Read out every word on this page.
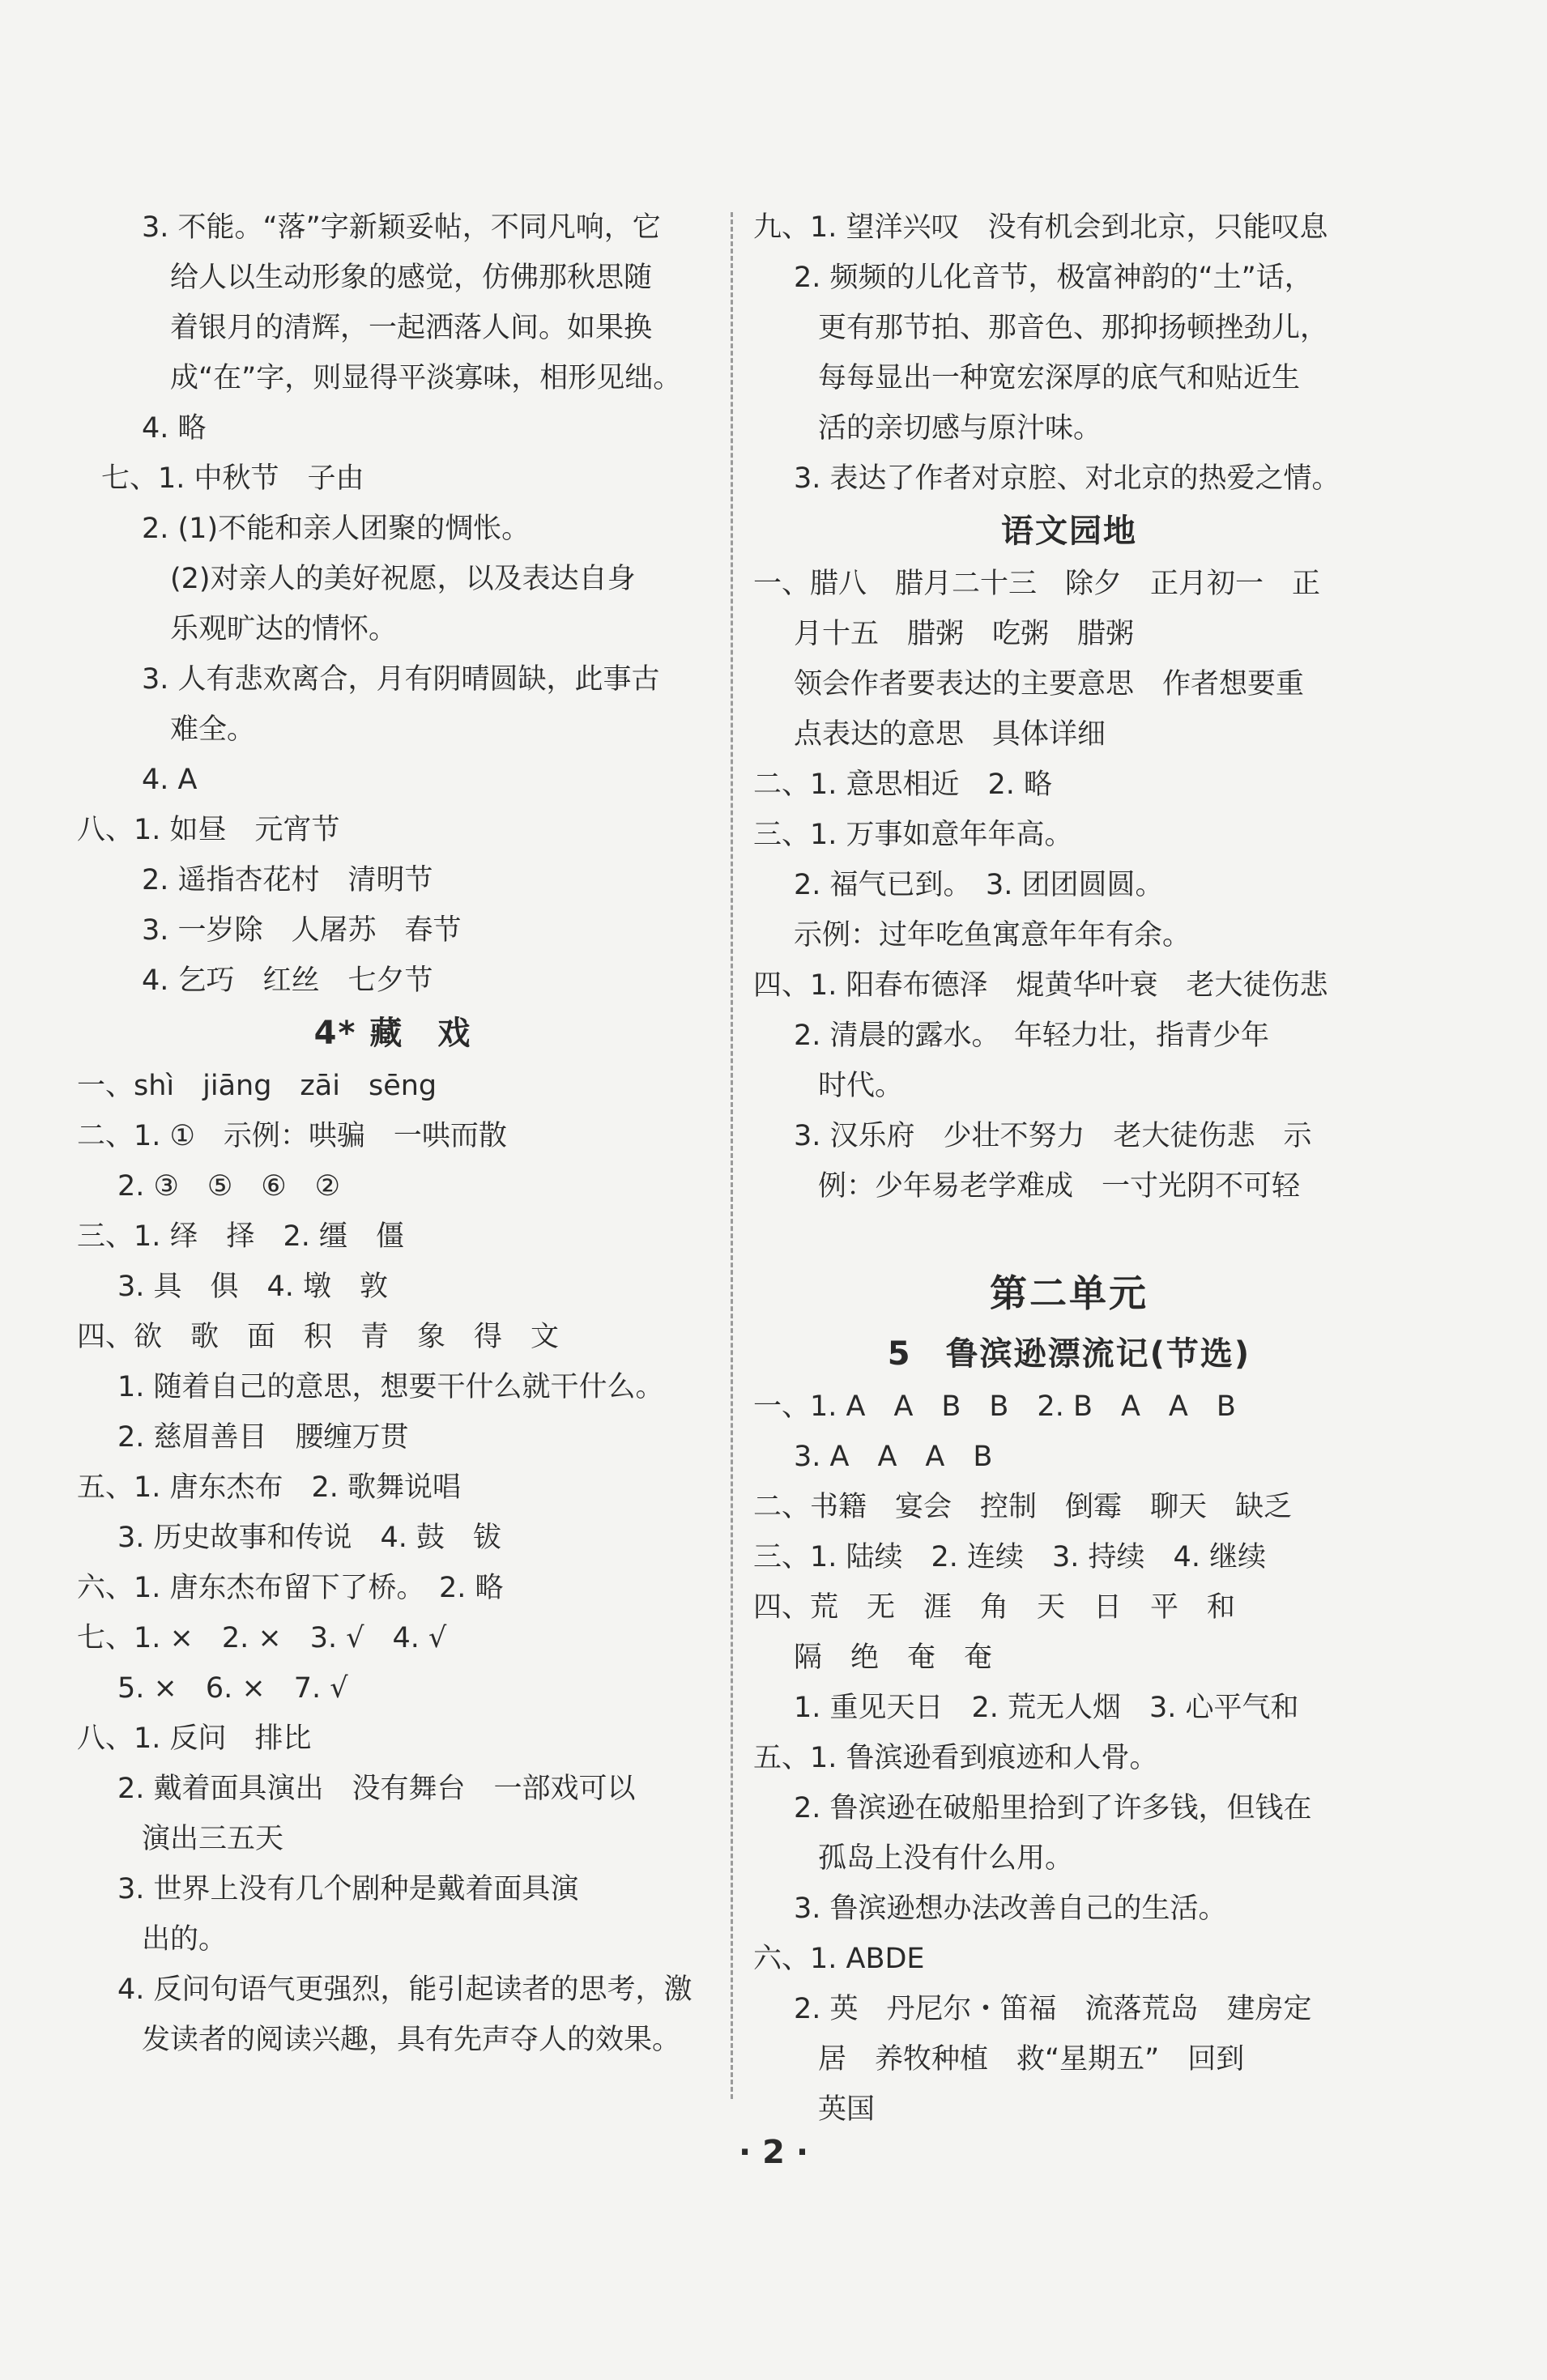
3. 不能。“落”字新颖妥帖，不同凡响，它
给人以生动形象的感觉，仿佛那秋思随
着银月的清辉，一起洒落人间。如果换
成“在”字，则显得平淡寡味，相形见绌。
4. 略
七、1. 中秋节　子由
2. (1)不能和亲人团聚的惆怅。
(2)对亲人的美好祝愿，以及表达自身
乐观旷达的情怀。
3. 人有悲欢离合，月有阴晴圆缺，此事古
难全。
4. A
八、1. 如昼　元宵节
2. 遥指杏花村　清明节
3. 一岁除　人屠苏　春节
4. 乞巧　红丝　七夕节
4* 藏　戏
一、shì　jiāng　zāi　sēng
二、1. ①　示例：哄骗　一哄而散
2. ③　⑤　⑥　②
三、1. 绎　择　2. 缰　僵
3. 具　俱　4. 墩　敦
四、欲　歌　面　积　青　象　得　文
1. 随着自己的意思，想要干什么就干什么。
2. 慈眉善目　腰缠万贯
五、1. 唐东杰布　2. 歌舞说唱
3. 历史故事和传说　4. 鼓　钹
六、1. 唐东杰布留下了桥。　2. 略
七、1. ×　2. ×　3. √　4. √
5. ×　6. ×　7. √
八、1. 反问　排比
2. 戴着面具演出　没有舞台　一部戏可以
演出三五天
3. 世界上没有几个剧种是戴着面具演
出的。
4. 反问句语气更强烈，能引起读者的思考，激
发读者的阅读兴趣，具有先声夺人的效果。
九、1. 望洋兴叹　没有机会到北京，只能叹息
2. 频频的儿化音节，极富神韵的“土”话，
更有那节拍、那音色、那抑扬顿挫劲儿，
每每显出一种宽宏深厚的底气和贴近生
活的亲切感与原汁味。
3. 表达了作者对京腔、对北京的热爱之情。
语文园地
一、腊八　腊月二十三　除夕　正月初一　正
月十五　腊粥　吃粥　腊粥
领会作者要表达的主要意思　作者想要重
点表达的意思　具体详细
二、1. 意思相近　2. 略
三、1. 万事如意年年高。
2. 福气已到。　3. 团团圆圆。
示例：过年吃鱼寓意年年有余。
四、1. 阳春布德泽　焜黄华叶衰　老大徒伤悲
2. 清晨的露水。　年轻力壮，指青少年
时代。
3. 汉乐府　少壮不努力　老大徒伤悲　示
例：少年易老学难成　一寸光阴不可轻
第二单元
5　鲁滨逊漂流记(节选)
一、1. A　A　B　B　2. B　A　A　B
3. A　A　A　B
二、书籍　宴会　控制　倒霉　聊天　缺乏
三、1. 陆续　2. 连续　3. 持续　4. 继续
四、荒　无　涯　角　天　日　平　和
隔　绝　奄　奄
1. 重见天日　2. 荒无人烟　3. 心平气和
五、1. 鲁滨逊看到痕迹和人骨。
2. 鲁滨逊在破船里拾到了许多钱，但钱在
孤岛上没有什么用。
3. 鲁滨逊想办法改善自己的生活。
六、1. ABDE
2. 英　丹尼尔・笛福　流落荒岛　建房定
居　养牧种植　救“星期五”　回到
英国
· 2 ·
